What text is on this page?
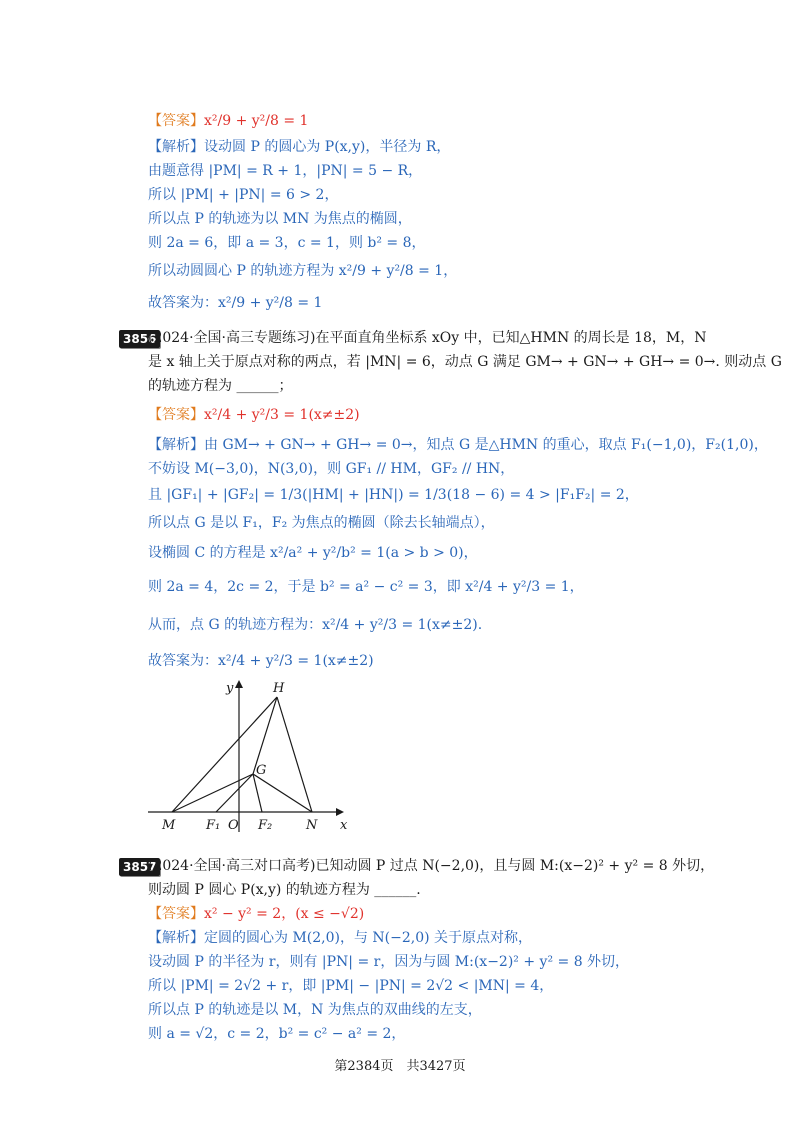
【答案】x²/9 + y²/8 = 1
【解析】设动圆 P 的圆心为 P(x,y)，半径为 R，
由题意得 |PM| = R + 1，|PN| = 5 − R，
所以 |PM| + |PN| = 6 > 2，
所以点 P 的轨迹为以 MN 为焦点的椭圆，
则 2a = 6，即 a = 3，c = 1，则 b² = 8，
所以动圆圆心 P 的轨迹方程为 x²/9 + y²/8 = 1，
故答案为：x²/9 + y²/8 = 1
3856
(2024·全国·高三专题练习)在平面直角坐标系 xOy 中，已知△HMN 的周长是 18，M，N
是 x 轴上关于原点对称的两点，若 |MN| = 6，动点 G 满足 GM→ + GN→ + GH→ = 0→. 则动点 G
的轨迹方程为 ______；
【答案】x²/4 + y²/3 = 1(x≠±2)
【解析】由 GM→ + GN→ + GH→ = 0→，知点 G 是△HMN 的重心，取点 F₁(−1,0)，F₂(1,0)，
不妨设 M(−3,0)，N(3,0)，则 GF₁ // HM，GF₂ // HN，
且 |GF₁| + |GF₂| = 1/3(|HM| + |HN|) = 1/3(18 − 6) = 4 > |F₁F₂| = 2，
所以点 G 是以 F₁，F₂ 为焦点的椭圆（除去长轴端点），
设椭圆 C 的方程是 x²/a² + y²/b² = 1(a > b > 0)，
则 2a = 4，2c = 2，于是 b² = a² − c² = 3，即 x²/4 + y²/3 = 1，
从而，点 G 的轨迹方程为：x²/4 + y²/3 = 1(x≠±2).
故答案为：x²/4 + y²/3 = 1(x≠±2)
y	H
G
M F₁ O F₂	N x
3857
(2024·全国·高三对口高考)已知动圆 P 过点 N(−2,0)，且与圆 M:(x−2)² + y² = 8 外切，
则动圆 P 圆心 P(x,y) 的轨迹方程为 ______.
【答案】x² − y² = 2，(x ≤ −√2)
【解析】定圆的圆心为 M(2,0)，与 N(−2,0) 关于原点对称，
设动圆 P 的半径为 r，则有 |PN| = r，因为与圆 M:(x−2)² + y² = 8 外切，
所以 |PM| = 2√2 + r，即 |PM| − |PN| = 2√2 < |MN| = 4，
所以点 P 的轨迹是以 M，N 为焦点的双曲线的左支，
则 a = √2，c = 2，b² = c² − a² = 2，
第2384页　共3427页
